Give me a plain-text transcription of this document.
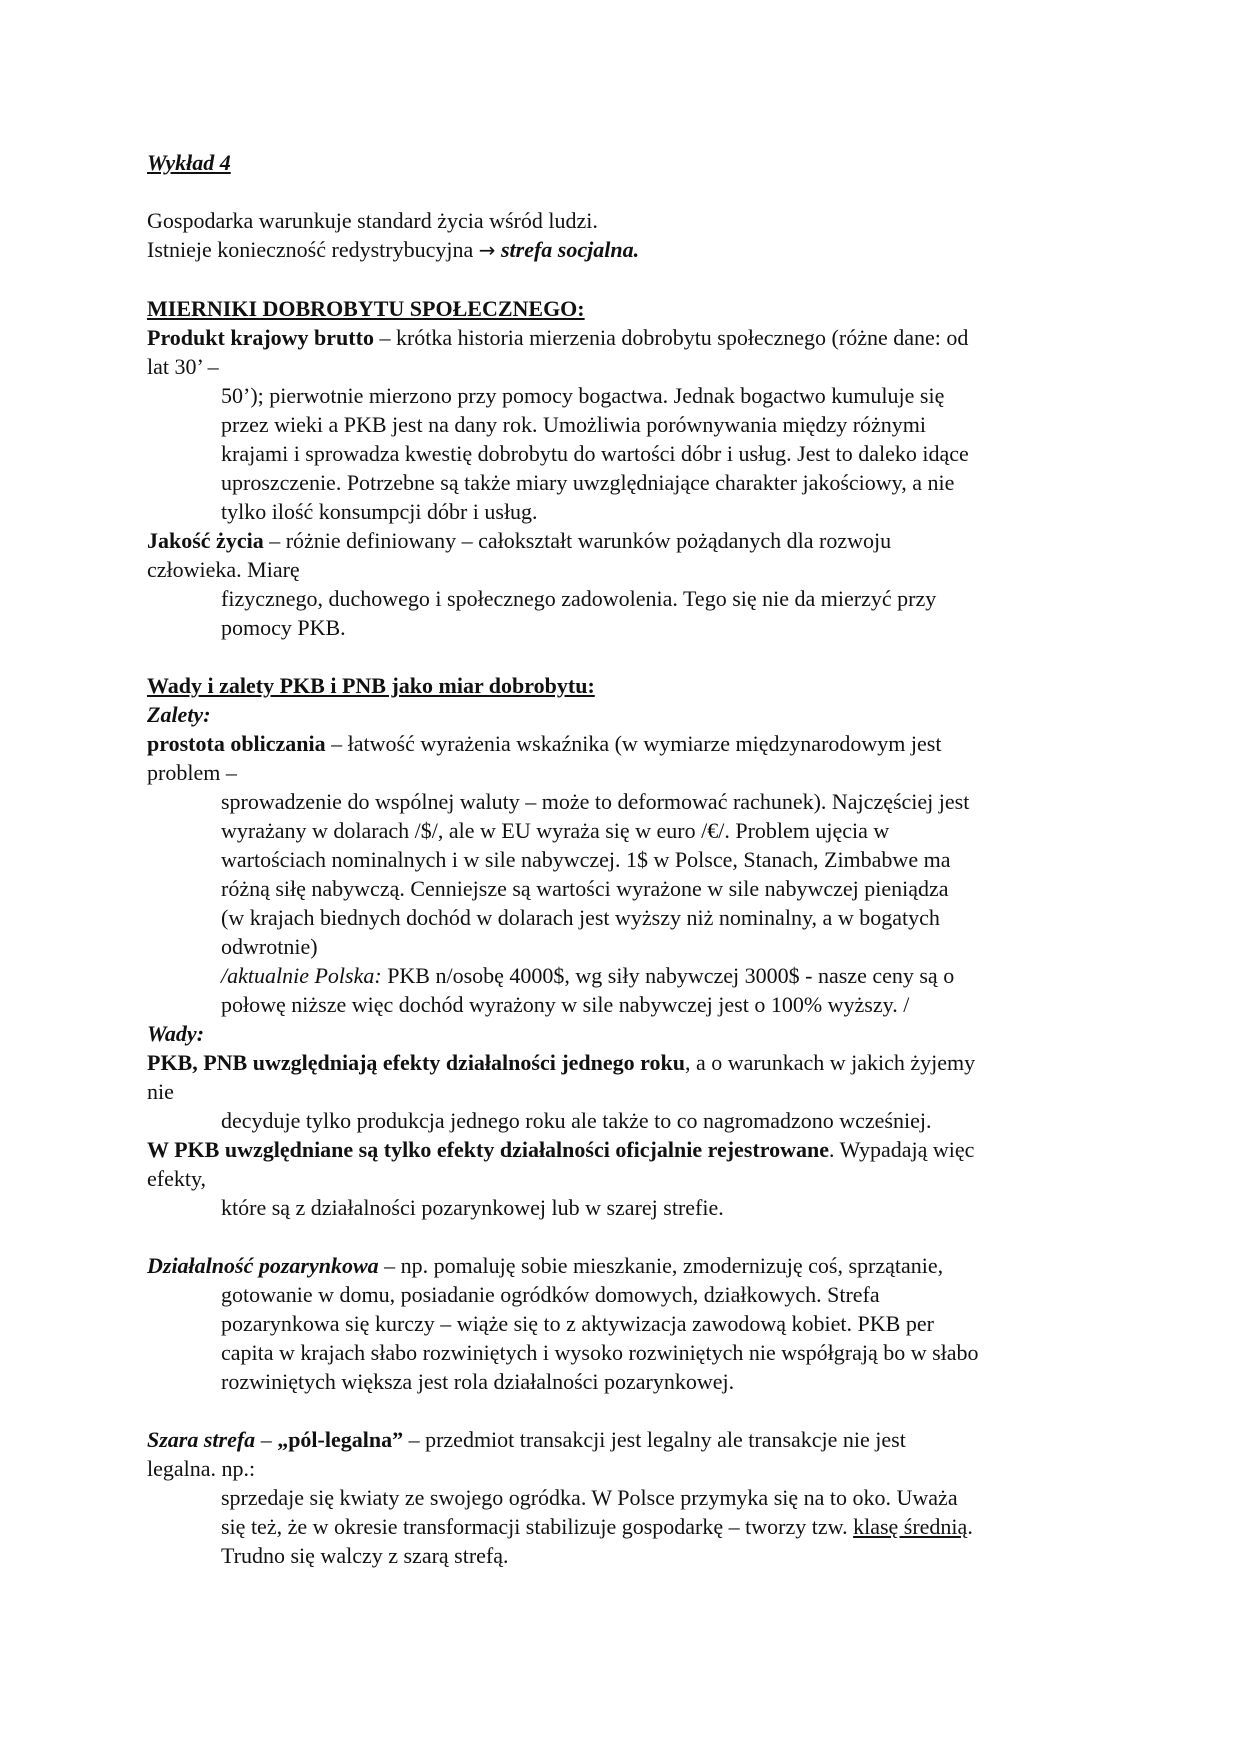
Wykład 4
Gospodarka warunkuje standard życia wśród ludzi.
Istnieje konieczność redystrybucyjna → strefa socjalna.
MIERNIKI DOBROBYTU SPOŁECZNEGO:
Produkt krajowy brutto – krótka historia mierzenia dobrobytu społecznego (różne dane: od
lat 30’ –
50’); pierwotnie mierzono przy pomocy bogactwa. Jednak bogactwo kumuluje się
przez wieki a PKB jest na dany rok. Umożliwia porównywania między różnymi
krajami i sprowadza kwestię dobrobytu do wartości dóbr i usług. Jest to daleko idące
uproszczenie. Potrzebne są także miary uwzględniające charakter jakościowy, a nie
tylko ilość konsumpcji dóbr i usług.
Jakość życia – różnie definiowany – całokształt warunków pożądanych dla rozwoju
człowieka. Miarę
fizycznego, duchowego i społecznego zadowolenia. Tego się nie da mierzyć przy
pomocy PKB.
Wady i zalety PKB i PNB jako miar dobrobytu:
Zalety:
prostota obliczania – łatwość wyrażenia wskaźnika (w wymiarze międzynarodowym jest
problem –
sprowadzenie do wspólnej waluty – może to deformować rachunek). Najczęściej jest
wyrażany w dolarach /$/, ale w EU wyraża się w euro /€/. Problem ujęcia w
wartościach nominalnych i w sile nabywczej. 1$ w Polsce, Stanach, Zimbabwe ma
różną siłę nabywczą. Cenniejsze są wartości wyrażone w sile nabywczej pieniądza
(w krajach biednych dochód w dolarach jest wyższy niż nominalny, a w bogatych
odwrotnie)
/aktualnie Polska: PKB n/osobę 4000$, wg siły nabywczej 3000$ - nasze ceny są o
połowę niższe więc dochód wyrażony w sile nabywczej jest o 100% wyższy. /
Wady:
PKB, PNB uwzględniają efekty działalności jednego roku, a o warunkach w jakich żyjemy
nie
decyduje tylko produkcja jednego roku ale także to co nagromadzono wcześniej.
W PKB uwzględniane są tylko efekty działalności oficjalnie rejestrowane. Wypadają więc
efekty,
które są z działalności pozarynkowej lub w szarej strefie.
Działalność pozarynkowa – np. pomaluję sobie mieszkanie, zmodernizuję coś, sprzątanie,
gotowanie w domu, posiadanie ogródków domowych, działkowych. Strefa
pozarynkowa się kurczy – wiąże się to z aktywizacja zawodową kobiet. PKB per
capita w krajach słabo rozwiniętych i wysoko rozwiniętych nie współgrają bo w słabo
rozwiniętych większa jest rola działalności pozarynkowej.
Szara strefa – „pól-legalna” – przedmiot transakcji jest legalny ale transakcje nie jest
legalna. np.:
sprzedaje się kwiaty ze swojego ogródka. W Polsce przymyka się na to oko. Uważa
się też, że w okresie transformacji stabilizuje gospodarkę – tworzy tzw. klasę średnią.
Trudno się walczy z szarą strefą.
